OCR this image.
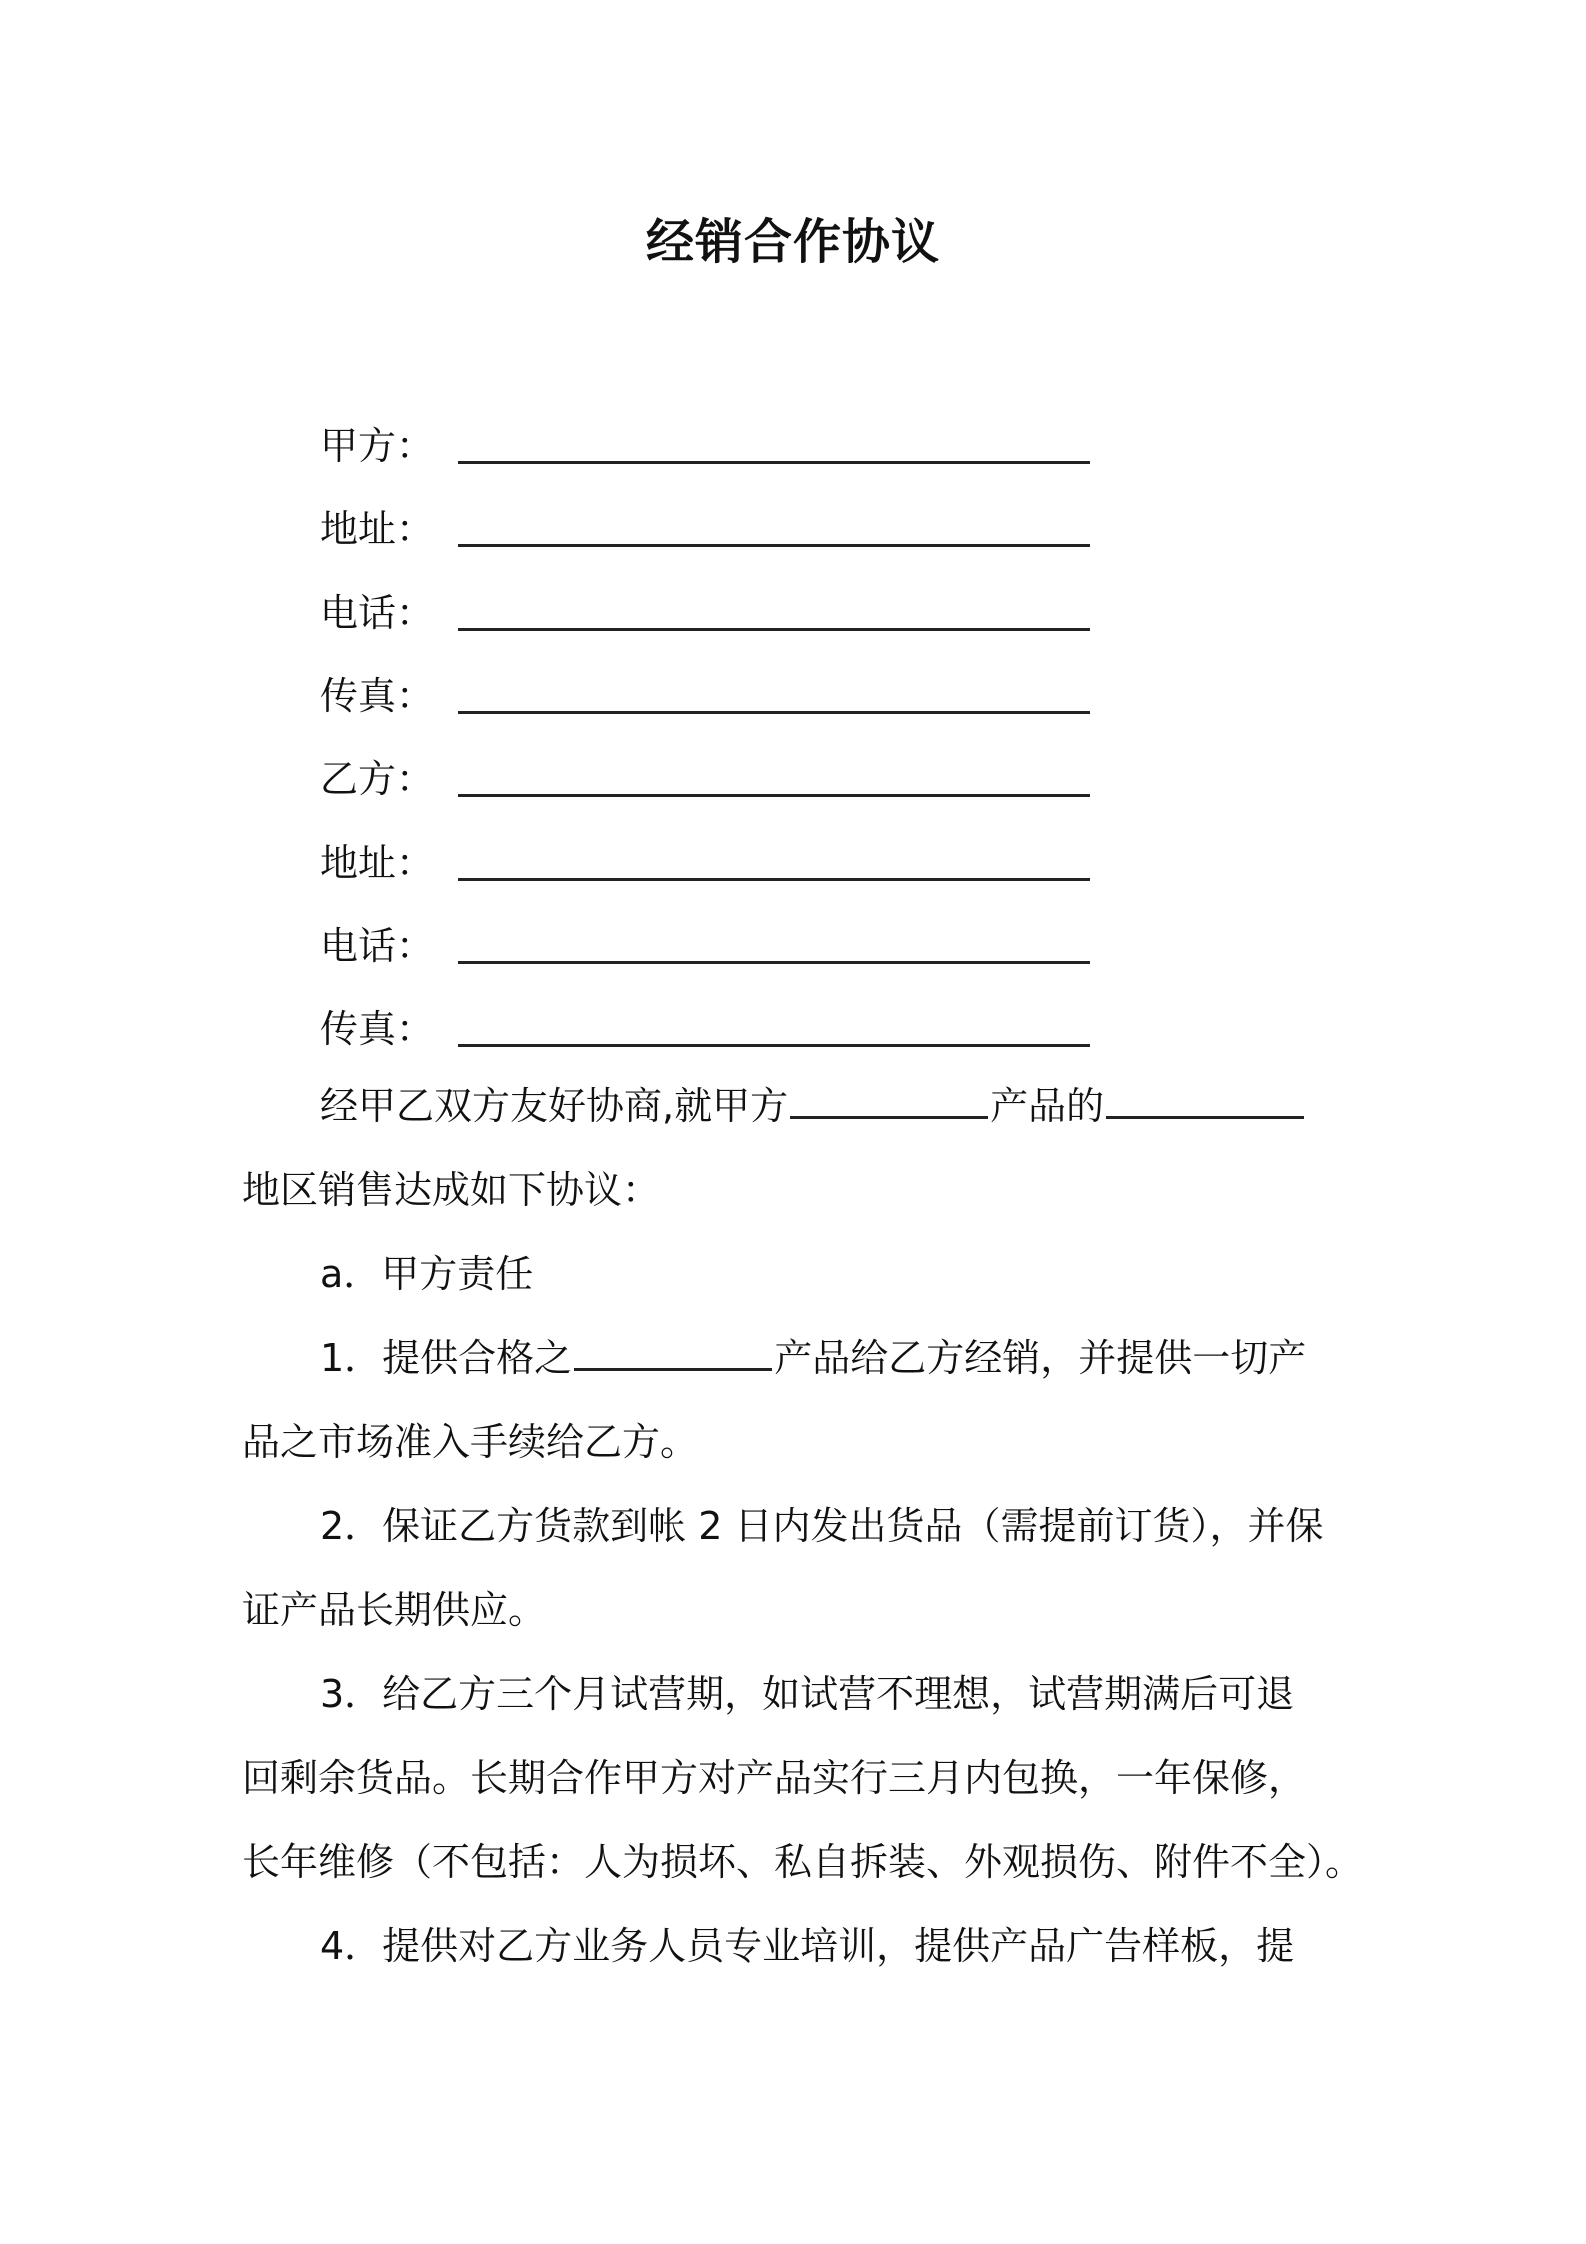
经销合作协议
甲方：
地址：
电话：
传真：
乙方：
地址：
电话：
传真：
经甲乙双方友好协商,就甲方	产品的
地区销售达成如下协议：
a．甲方责任
1．提供合格之	产品给乙方经销，并提供一切产
品之市场准入手续给乙方。
2．保证乙方货款到帐 2 日内发出货品（需提前订货），并保
证产品长期供应。
3．给乙方三个月试营期，如试营不理想，试营期满后可退
回剩余货品。长期合作甲方对产品实行三月内包换，一年保修，
长年维修（不包括：人为损坏、私自拆装、外观损伤、附件不全）。
4．提供对乙方业务人员专业培训，提供产品广告样板，提
